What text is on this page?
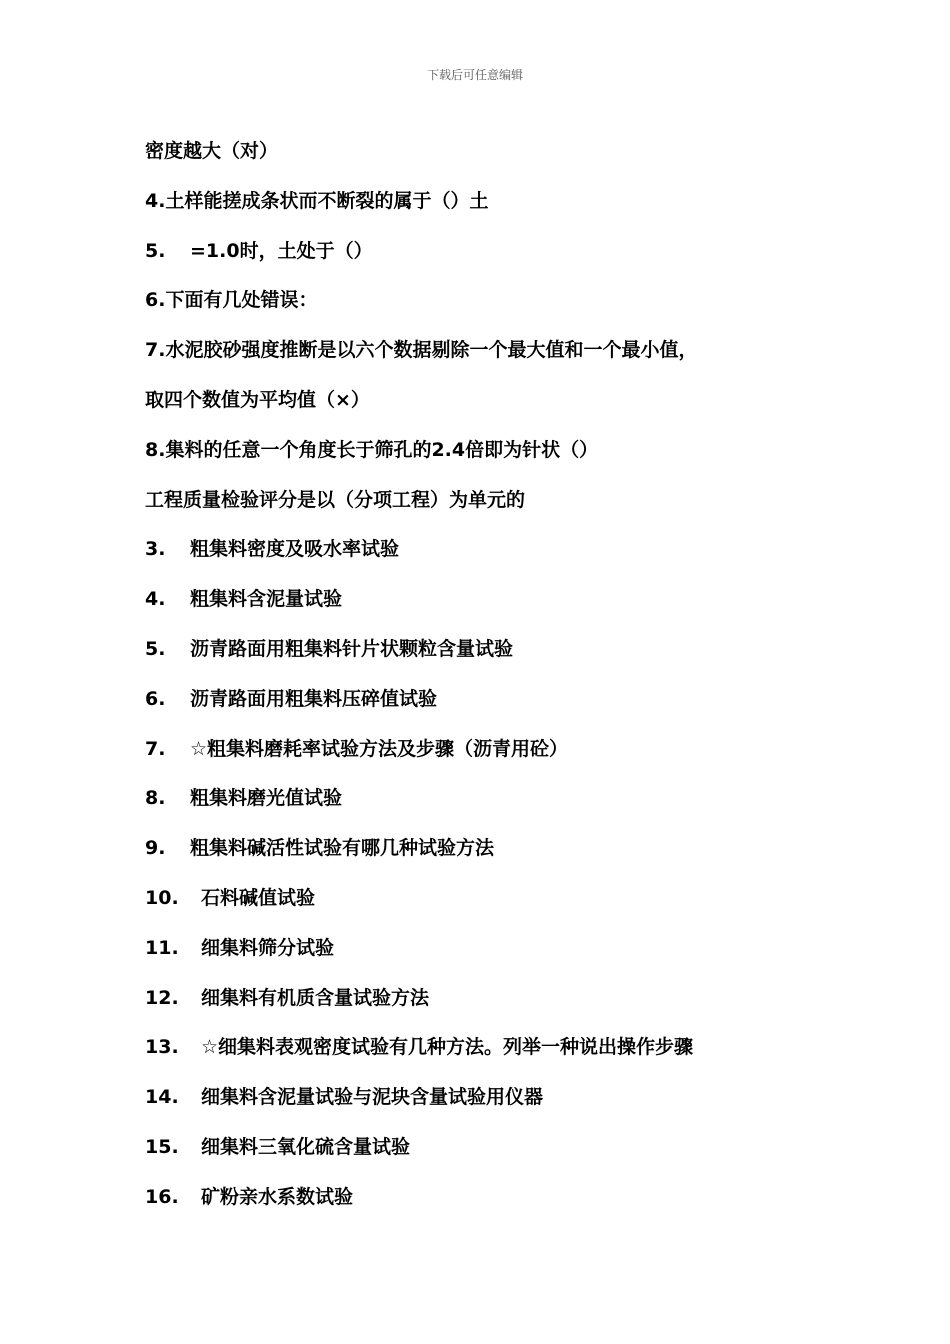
下载后可任意编辑
密度越大（对）
4.土样能搓成条状而不断裂的属于（）土
5. =1.0时，土处于（）
6.下面有几处错误：
7.水泥胶砂强度推断是以六个数据剔除一个最大值和一个最小值，
取四个数值为平均值（×）
8.集料的任意一个角度长于筛孔的2.4倍即为针状（）
工程质量检验评分是以（分项工程）为单元的
3. 粗集料密度及吸水率试验
4. 粗集料含泥量试验
5. 沥青路面用粗集料针片状颗粒含量试验
6. 沥青路面用粗集料压碎值试验
7. ☆粗集料磨耗率试验方法及步骤（沥青用砼）
8. 粗集料磨光值试验
9. 粗集料碱活性试验有哪几种试验方法
10. 石料碱值试验
11. 细集料筛分试验
12. 细集料有机质含量试验方法
13. ☆细集料表观密度试验有几种方法。列举一种说出操作步骤
14. 细集料含泥量试验与泥块含量试验用仪器
15. 细集料三氧化硫含量试验
16. 矿粉亲水系数试验
